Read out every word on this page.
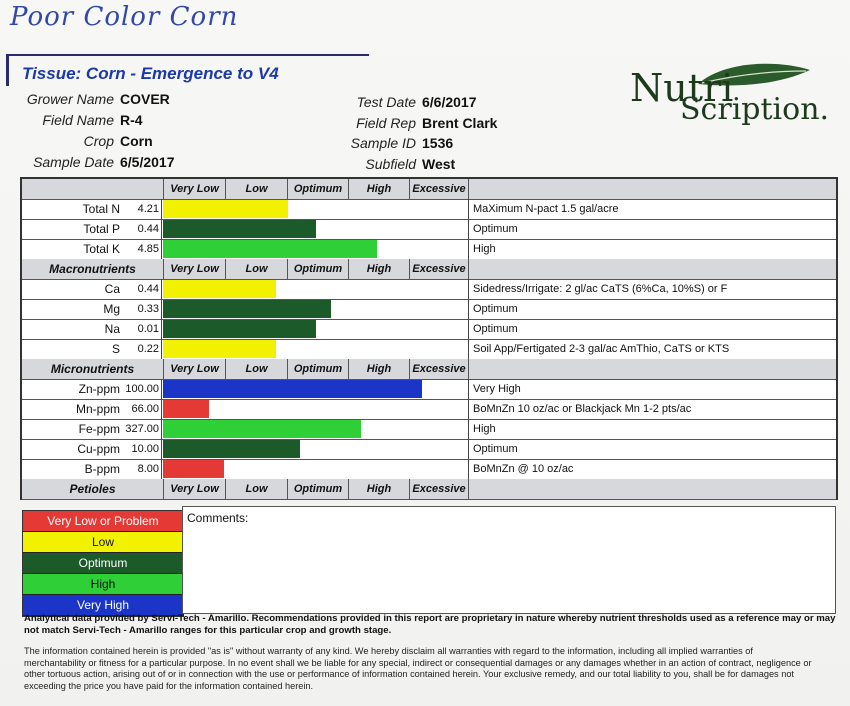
Poor Color Corn
Tissue: Corn - Emergence to V4
Grower Name COVER
Field Name R-4
Crop Corn
Sample Date 6/5/2017
Test Date 6/6/2017
Field Rep Brent Clark
Sample ID 1536
Subfield West
Nutri
Scription.
Very Low	Low	Optimum	High	Excessive
Total N	4.21	MaXimum N-pact 1.5 gal/acre
Total P	0.44	Optimum
Total K	4.85	High
Macronutrients	Very Low	Low	Optimum	High	Excessive
Ca	0.44	Sidedress/Irrigate: 2 gl/ac CaTS (6%Ca, 10%S) or F
Mg	0.33	Optimum
Na	0.01	Optimum
S	0.22	Soil App/Fertigated 2-3 gal/ac AmThio, CaTS or KTS
Micronutrients	Very Low	Low	Optimum	High	Excessive
Zn-ppm 100.00	Very High
Mn-ppm	66.00	BoMnZn 10 oz/ac or Blackjack Mn 1-2 pts/ac
Fe-ppm 327.00	High
Cu-ppm	10.00	Optimum
B-ppm	8.00	BoMnZn @ 10 oz/ac
Petioles	Very Low	Low	Optimum	High	Excessive
Very Low or Problem
Low
Optimum
High
Very High
Comments:
Analytical data provided by Servi-Tech - Amarillo. Recommendations provided in this report are proprietary in nature whereby nutrient thresholds used as a reference may or may not match Servi-Tech - Amarillo ranges for this particular crop and growth stage.
The information contained herein is provided "as is" without warranty of any kind. We hereby disclaim all warranties with regard to the information, including all implied warranties of merchantability or fitness for a particular purpose. In no event shall we be liable for any special, indirect or consequential damages or any damages whether in an action of contract, negligence or other tortuous action, arising out of or in connection with the use or performance of information contained herein. Your exclusive remedy, and our total liability to you, shall be for damages not exceeding the price you have paid for the information contained herein.
